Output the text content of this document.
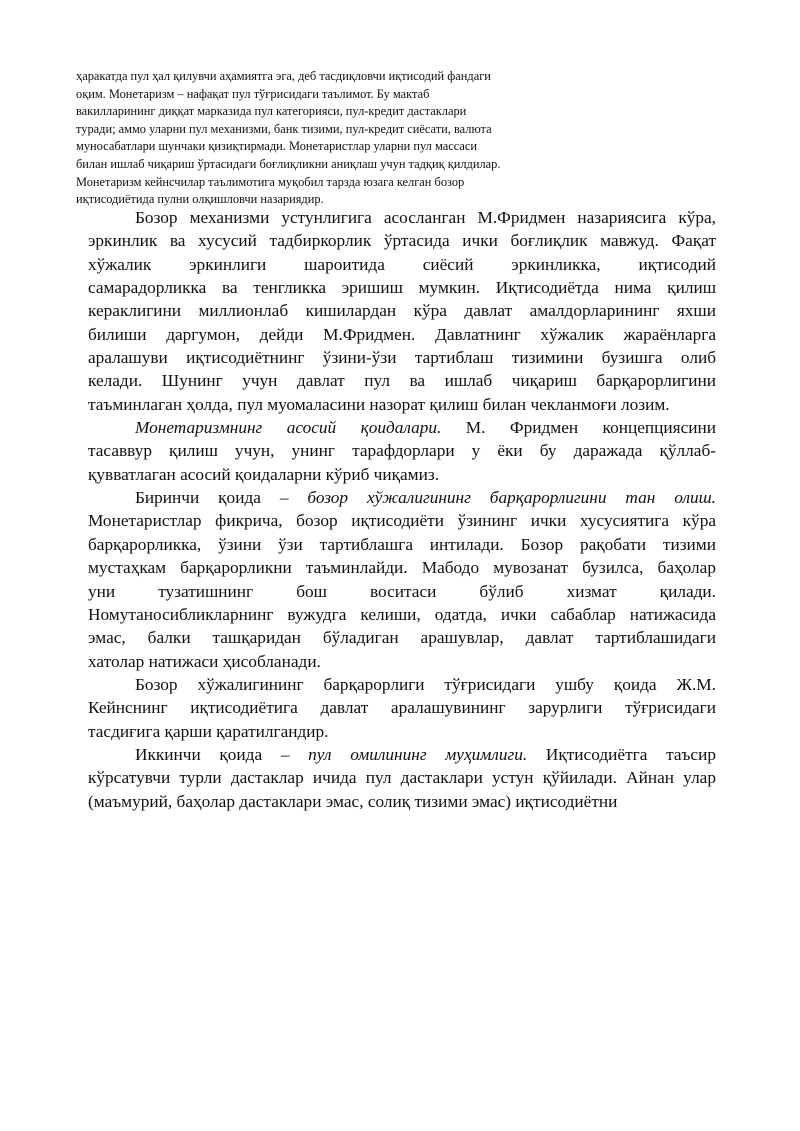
ҳаракатда пул ҳал қилувчи аҳамиятга эга, деб тасдиқловчи иқтисодий фандаги
оқим. Монетаризм – нафақат пул тўғрисидаги таълимот. Бу мактаб
вакилларининг диққат марказида пул категорияси, пул-кредит дастаклари
туради; аммо уларни пул механизми, банк тизими, пул-кредит сиёсати, валюта
муносабатлари шунчаки қизиқтирмади. Монетаристлар уларни пул массаси
билан ишлаб чиқариш ўртасидаги боғлиқликни аниқлаш учун тадқиқ қилдилар.
Монетаризм кейнсчилар таълимотига муқобил тарзда юзага келган бозор
иқтисодиётида пулни олқишловчи назариядир.
Бозор механизми устунлигига асосланган М.Фридмен назариясига кўра,
эркинлик ва хусусий тадбиркорлик ўртасида ички боғлиқлик мавжуд. Фақат
хўжалик эркинлиги шароитида сиёсий эркинликка, иқтисодий
самарадорликка ва тенгликка эришиш мумкин. Иқтисодиётда нима қилиш
кераклигини миллионлаб кишилардан кўра давлат амалдорларининг яхши
билиши даргумон, дейди М.Фридмен. Давлатнинг хўжалик жараёнларга
аралашуви иқтисодиётнинг ўзини-ўзи тартиблаш тизимини бузишга олиб
келади. Шунинг учун давлат пул ва ишлаб чиқариш барқарорлигини
таъминлаган ҳолда, пул муомаласини назорат қилиш билан чекланмоғи лозим.
Монетаризмнинг асосий қоидалари. М. Фридмен концепциясини
тасаввур қилиш учун, унинг тарафдорлари у ёки бу даражада қўллаб-
қувватлаган асосий қоидаларни кўриб чиқамиз.
Биринчи қоида – бозор хўжалигининг барқарорлигини тан олиш.
Монетаристлар фикрича, бозор иқтисодиёти ўзининг ички хусусиятига кўра
барқарорликка, ўзини ўзи тартиблашга интилади. Бозор рақобати тизими
мустаҳкам барқарорликни таъминлайди. Мабодо мувозанат бузилса, баҳолар
уни тузатишнинг бош воситаси бўлиб хизмат қилади.
Номутаносибликларнинг вужудга келиши, одатда, ички сабаблар натижасида
эмас, балки ташқаридан бўладиган арашувлар, давлат тартиблашидаги
хатолар натижаси ҳисобланади.
Бозор хўжалигининг барқарорлиги тўғрисидаги ушбу қоида Ж.М.
Кейнснинг иқтисодиётига давлат аралашувининг зарурлиги тўғрисидаги
тасдиғига қарши қаратилгандир.
Иккинчи қоида – пул омилининг муҳимлиги. Иқтисодиётга таъсир
кўрсатувчи турли дастаклар ичида пул дастаклари устун қўйилади. Айнан улар
(маъмурий, баҳолар дастаклари эмас, солиқ тизими эмас) иқтисодиётни
